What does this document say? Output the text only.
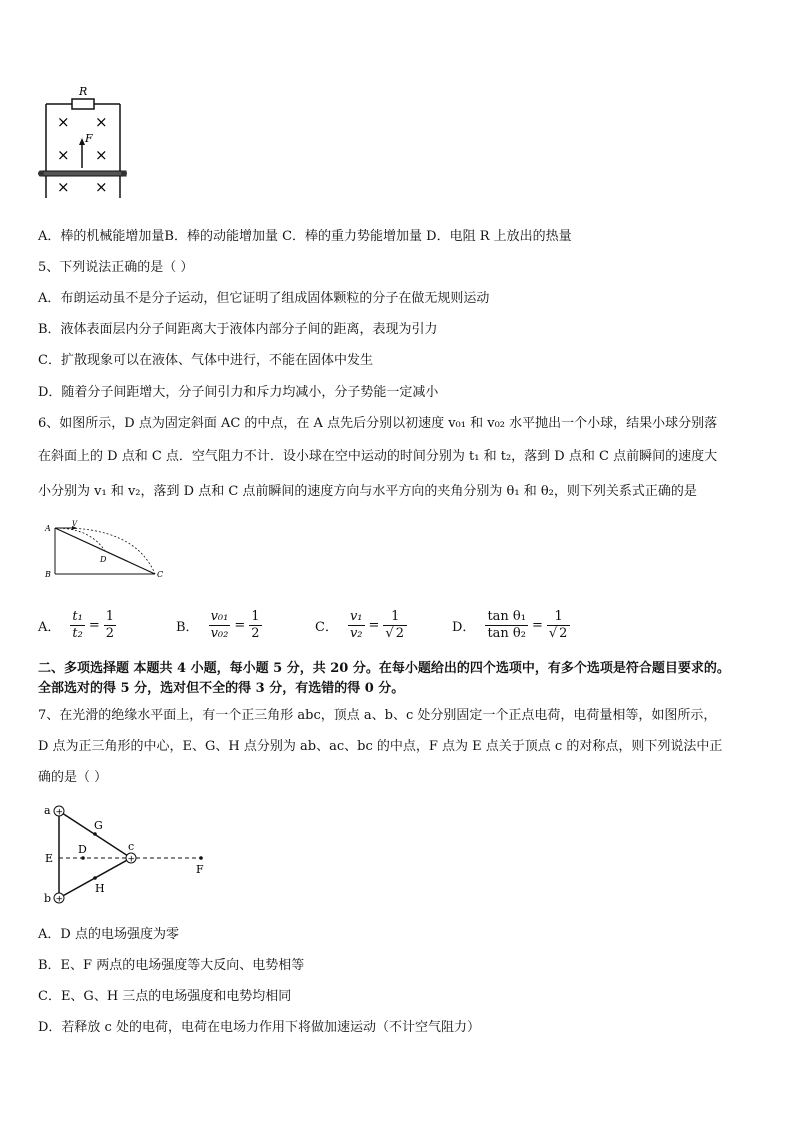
R
× ×
× ×
× ×
F
A．棒的机械能增加量B．棒的动能增加量 C．棒的重力势能增加量 D．电阻 R 上放出的热量
5、下列说法正确的是（ ）
A．布朗运动虽不是分子运动，但它证明了组成固体颗粒的分子在做无规则运动
B．液体表面层内分子间距离大于液体内部分子间的距离，表现为引力
C．扩散现象可以在液体、气体中进行，不能在固体中发生
D．随着分子间距增大，分子间引力和斥力均减小，分子势能一定减小
6、如图所示，D 点为固定斜面 AC 的中点，在 A 点先后分别以初速度 v₀₁ 和 v₀₂ 水平抛出一个小球，结果小球分别落
在斜面上的 D 点和 C 点．空气阻力不计．设小球在空中运动的时间分别为 t₁ 和 t₂，落到 D 点和 C 点前瞬间的速度大
小分别为 v₁ 和 v₂，落到 D 点和 C 点前瞬间的速度方向与水平方向的夹角分别为 θ₁ 和 θ₂，则下列关系式正确的是
A
B	C
D
V
A． $\frac{\text{t₁}}{\text{t₂}} = \frac{1}{2}$	B． $\frac{\text{v₀₁}}{\text{v₀₂}} = \frac{1}{2}$	C． $\frac{\text{v₁}}{\text{v₂}} = \frac{1}{√ 2}$	D． $\frac{\text{tan θ₁}}{\text{tan θ₂}} = \frac{1}{√ 2}$
二、多项选择题 本题共 4 小题，每小题 5 分，共 20 分。在每小题给出的四个选项中，有多个选项是符合题目要求的。
全部选对的得 5 分，选对但不全的得 3 分，有选错的得 0 分。
7、在光滑的绝缘水平面上，有一个正三角形 abc，顶点 a、b、c 处分别固定一个正点电荷，电荷量相等，如图所示，
D 点为正三角形的中心，E、G、H 点分别为 ab、ac、bc 的中点，F 点为 E 点关于顶点 c 的对称点，则下列说法中正
确的是（ ）
+
+
+
a
b
c
D
E
F
G
H
A．D 点的电场强度为零
B．E、F 两点的电场强度等大反向、电势相等
C．E、G、H 三点的电场强度和电势均相同
D．若释放 c 处的电荷，电荷在电场力作用下将做加速运动（不计空气阻力）
